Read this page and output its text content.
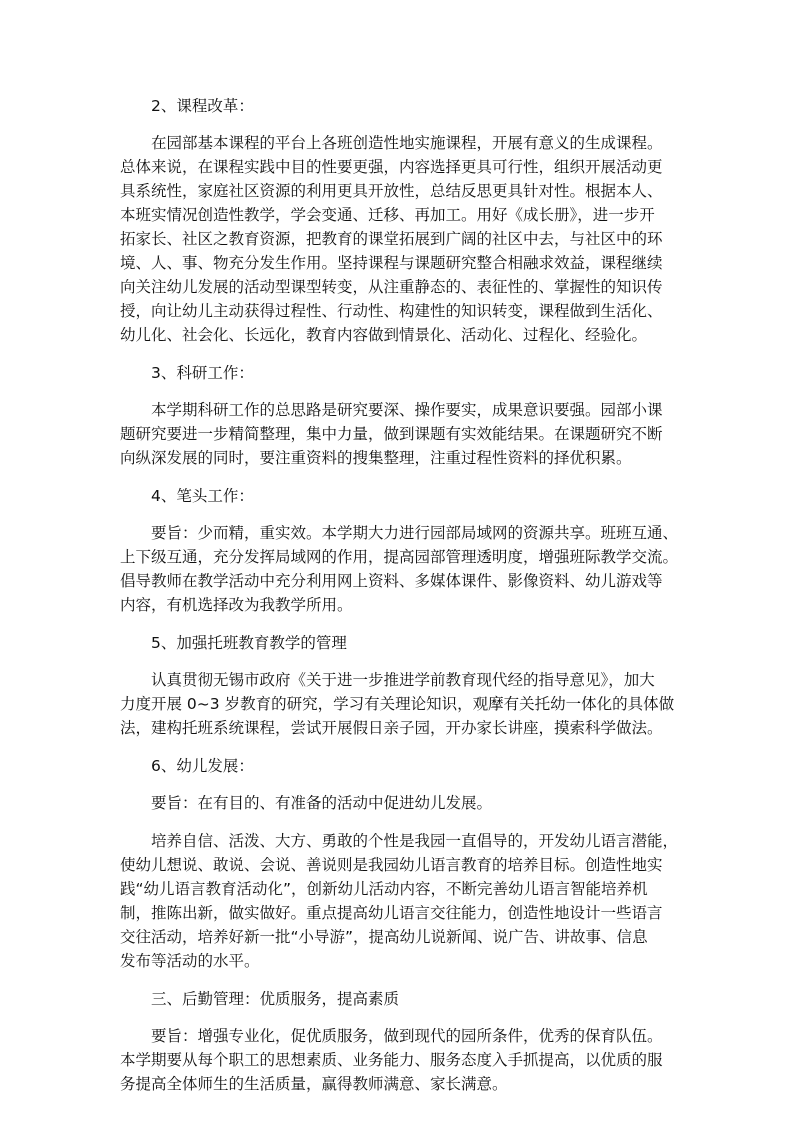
2、课程改革：

在园部基本课程的平台上各班创造性地实施课程，开展有意义的生成课程。
总体来说，在课程实践中目的性要更强，内容选择更具可行性，组织开展活动更
具系统性，家庭社区资源的利用更具开放性，总结反思更具针对性。根据本人、
本班实情况创造性教学，学会变通、迁移、再加工。用好《成长册》，进一步开
拓家长、社区之教育资源，把教育的课堂拓展到广阔的社区中去，与社区中的环
境、人、事、物充分发生作用。坚持课程与课题研究整合相融求效益，课程继续
向关注幼儿发展的活动型课型转变，从注重静态的、表征性的、掌握性的知识传
授，向让幼儿主动获得过程性、行动性、构建性的知识转变，课程做到生活化、
幼儿化、社会化、长远化，教育内容做到情景化、活动化、过程化、经验化。

3、科研工作：

本学期科研工作的总思路是研究要深、操作要实，成果意识要强。园部小课
题研究要进一步精简整理，集中力量，做到课题有实效能结果。在课题研究不断
向纵深发展的同时，要注重资料的搜集整理，注重过程性资料的择优积累。

4、笔头工作：

要旨：少而精，重实效。本学期大力进行园部局域网的资源共享。班班互通、
上下级互通，充分发挥局域网的作用，提高园部管理透明度，增强班际教学交流。
倡导教师在教学活动中充分利用网上资料、多媒体课件、影像资料、幼儿游戏等
内容，有机选择改为我教学所用。

5、加强托班教育教学的管理

认真贯彻无锡市政府《关于进一步推进学前教育现代经的指导意见》，加大
力度开展 0~3 岁教育的研究，学习有关理论知识，观摩有关托幼一体化的具体做
法，建构托班系统课程，尝试开展假日亲子园，开办家长讲座，摸索科学做法。

6、幼儿发展：

要旨：在有目的、有准备的活动中促进幼儿发展。

培养自信、活泼、大方、勇敢的个性是我园一直倡导的，开发幼儿语言潜能，
使幼儿想说、敢说、会说、善说则是我园幼儿语言教育的培养目标。创造性地实
践“幼儿语言教育活动化”，创新幼儿活动内容，不断完善幼儿语言智能培养机
制，推陈出新，做实做好。重点提高幼儿语言交往能力，创造性地设计一些语言
交往活动，培养好新一批“小导游”，提高幼儿说新闻、说广告、讲故事、信息
发布等活动的水平。

三、后勤管理：优质服务，提高素质

要旨：增强专业化，促优质服务，做到现代的园所条件，优秀的保育队伍。
本学期要从每个职工的思想素质、业务能力、服务态度入手抓提高，以优质的服
务提高全体师生的生活质量，赢得教师满意、家长满意。
